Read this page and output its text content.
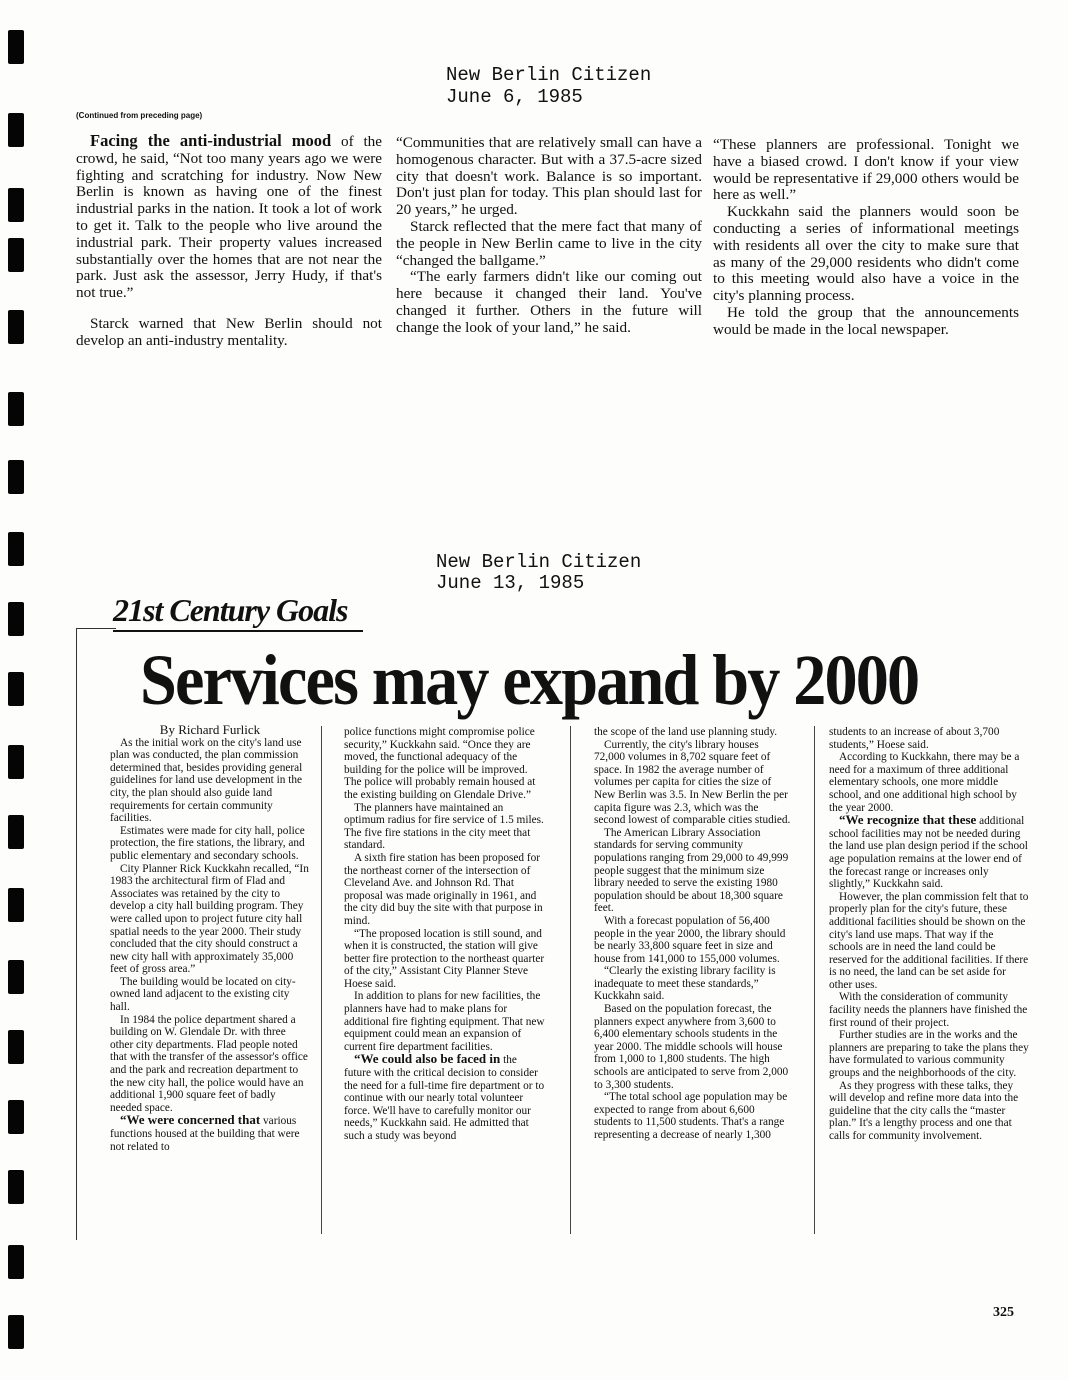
New Berlin Citizen
June 6, 1985
(Continued from preceding page)

Facing the anti-industrial mood of the crowd, he said, “Not too many years ago we were fighting and scratching for industry. Now New Berlin is known as having one of the finest industrial parks in the nation. It took a lot of work to get it. Talk to the people who live around the industrial park. Their property values increased substantially over the homes that are not near the park. Just ask the assessor, Jerry Hudy, if that's not true.”

Starck warned that New Berlin should not develop an anti-industry mentality.

“Communities that are relatively small can have a homogenous character. But with a 37.5-acre sized city that doesn't work. Balance is so important. Don't just plan for today. This plan should last for 20 years,” he urged.

Starck reflected that the mere fact that many of the people in New Berlin came to live in the city “changed the ballgame.”

“The early farmers didn't like our coming out here because it changed their land. You've changed it further. Others in the future will change the look of your land,” he said.

“These planners are professional. Tonight we have a biased crowd. I don't know if your view would be representative if 29,000 others would be here as well.”

Kuckkahn said the planners would soon be conducting a series of informational meetings with residents all over the city to make sure that as many of the 29,000 residents who didn't come to this meeting would also have a voice in the city's planning process.

He told the group that the announcements would be made in the local newspaper.

New Berlin Citizen
June 13, 1985
21st Century Goals
Services may expand by 2000

By Richard Furlick

As the initial work on the city's land use plan was conducted, the plan commission determined that, besides providing general guidelines for land use development in the city, the plan should also guide land requirements for certain community facilities.

Estimates were made for city hall, police protection, the fire stations, the library, and public elementary and secondary schools.

City Planner Rick Kuckkahn recalled, “In 1983 the architectural firm of Flad and Associates was retained by the city to develop a city hall building program. They were called upon to project future city hall spatial needs to the year 2000. Their study concluded that the city should construct a new city hall with approximately 35,000 feet of gross area.”

The building would be located on city-owned land adjacent to the existing city hall.

In 1984 the police department shared a building on W. Glendale Dr. with three other city departments. Flad people noted that with the transfer of the assessor's office and the park and recreation department to the new city hall, the police would have an additional 1,900 square feet of badly needed space.

“We were concerned that various functions housed at the building that were not related to

police functions might compromise police security,” Kuckkahn said. “Once they are moved, the functional adequacy of the building for the police will be improved. The police will probably remain housed at the existing building on Glendale Drive.”

The planners have maintained an optimum radius for fire service of 1.5 miles. The five fire stations in the city meet that standard.

A sixth fire station has been proposed for the northeast corner of the intersection of Cleveland Ave. and Johnson Rd. That proposal was made originally in 1961, and the city did buy the site with that purpose in mind.

“The proposed location is still sound, and when it is constructed, the station will give better fire protection to the northeast quarter of the city,” Assistant City Planner Steve Hoese said.

In addition to plans for new facilities, the planners have had to make plans for additional fire fighting equipment. That new equipment could mean an expansion of current fire department facilities.

“We could also be faced in the future with the critical decision to consider the need for a full-time fire department or to continue with our nearly total volunteer force. We'll have to carefully monitor our needs,” Kuckkahn said. He admitted that such a study was beyond

the scope of the land use planning study.

Currently, the city's library houses 72,000 volumes in 8,702 square feet of space. In 1982 the average number of volumes per capita for cities the size of New Berlin was 3.5. In New Berlin the per capita figure was 2.3, which was the second lowest of comparable cities studied.

The American Library Association standards for serving community populations ranging from 29,000 to 49,999 people suggest that the minimum size library needed to serve the existing 1980 population should be about 18,300 square feet.

With a forecast population of 56,400 people in the year 2000, the library should be nearly 33,800 square feet in size and house from 141,000 to 155,000 volumes.

“Clearly the existing library facility is inadequate to meet these standards,” Kuckkahn said.

Based on the population forecast, the planners expect anywhere from 3,600 to 6,400 elementary schools students in the year 2000. The middle schools will house from 1,000 to 1,800 students. The high schools are anticipated to serve from 2,000 to 3,300 students.

“The total school age population may be expected to range from about 6,600 students to 11,500 students. That's a range representing a decrease of nearly 1,300

students to an increase of about 3,700 students,” Hoese said.

According to Kuckkahn, there may be a need for a maximum of three additional elementary schools, one more middle school, and one additional high school by the year 2000.

“We recognize that these additional school facilities may not be needed during the land use plan design period if the school age population remains at the lower end of the forecast range or increases only slightly,” Kuckkahn said.

However, the plan commission felt that to properly plan for the city's future, these additional facilities should be shown on the city's land use maps. That way if the schools are in need the land could be reserved for the additional facilities. If there is no need, the land can be set aside for other uses.

With the consideration of community facility needs the planners have finished the first round of their project.

Further studies are in the works and the planners are preparing to take the plans they have formulated to various community groups and the neighborhoods of the city.

As they progress with these talks, they will develop and refine more data into the guideline that the city calls the “master plan.” It's a lengthy process and one that calls for community involvement.

325
